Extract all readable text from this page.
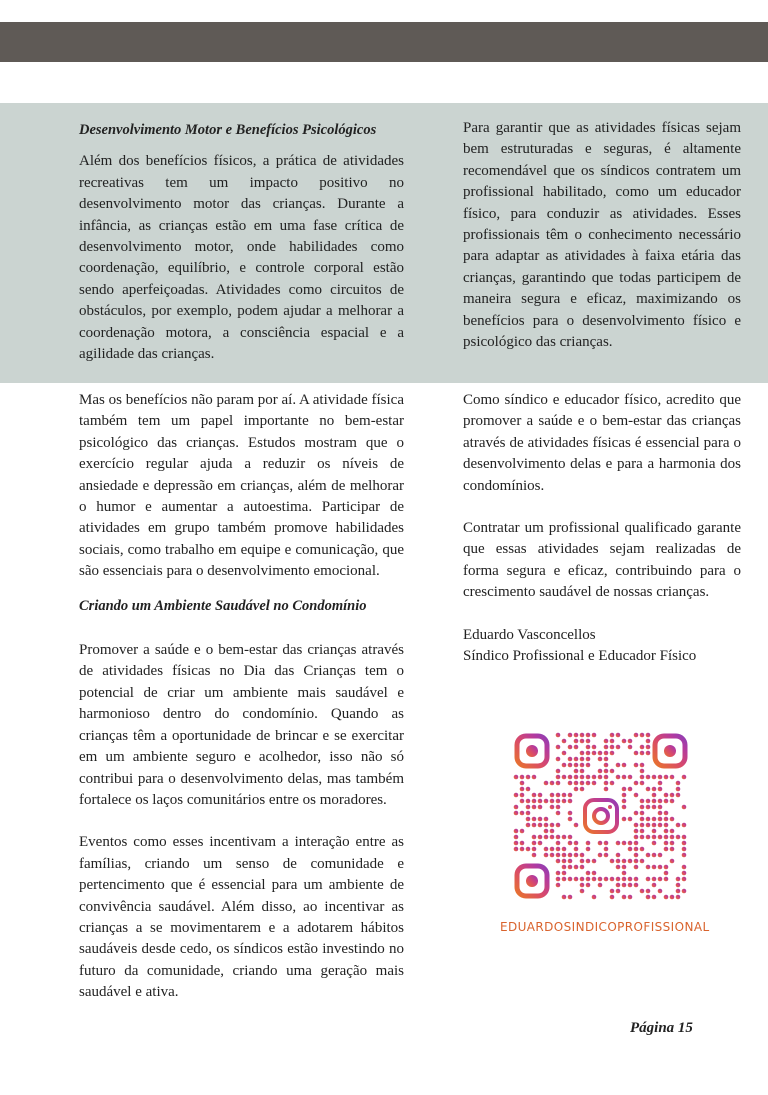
Desenvolvimento Motor e Benefícios Psicológicos

Além dos benefícios físicos, a prática de atividades recreativas tem um impacto positivo no desenvolvimento motor das crianças. Durante a infância, as crianças estão em uma fase crítica de desenvolvimento motor, onde habilidades como coordenação, equilíbrio, e controle corporal estão sendo aperfeiçoadas. Atividades como circuitos de obstáculos, por exemplo, podem ajudar a melhorar a coordenação motora, a consciência espacial e a agilidade das crianças.

Mas os benefícios não param por aí. A atividade física também tem um papel importante no bem-estar psicológico das crianças. Estudos mostram que o exercício regular ajuda a reduzir os níveis de ansiedade e depressão em crianças, além de melhorar o humor e aumentar a autoestima. Participar de atividades em grupo também promove habilidades sociais, como trabalho em equipe e comunicação, que são essenciais para o desenvolvimento emocional.

Criando um Ambiente Saudável no Condomínio

Promover a saúde e o bem-estar das crianças através de atividades físicas no Dia das Crianças tem o potencial de criar um ambiente mais saudável e harmonioso dentro do condomínio. Quando as crianças têm a oportunidade de brincar e se exercitar em um ambiente seguro e acolhedor, isso não só contribui para o desenvolvimento delas, mas também fortalece os laços comunitários entre os moradores.

Eventos como esses incentivam a interação entre as famílias, criando um senso de comunidade e pertencimento que é essencial para um ambiente de convivência saudável. Além disso, ao incentivar as crianças a se movimentarem e a adotarem hábitos saudáveis desde cedo, os síndicos estão investindo no futuro da comunidade, criando uma geração mais saudável e ativa.

Para garantir que as atividades físicas sejam bem estruturadas e seguras, é altamente recomendável que os síndicos contratem um profissional habilitado, como um educador físico, para conduzir as atividades. Esses profissionais têm o conhecimento necessário para adaptar as atividades à faixa etária das crianças, garantindo que todas participem de maneira segura e eficaz, maximizando os benefícios para o desenvolvimento físico e psicológico das crianças.

Como síndico e educador físico, acredito que promover a saúde e o bem-estar das crianças através de atividades físicas é essencial para o desenvolvimento delas e para a harmonia dos condomínios.

Contratar um profissional qualificado garante que essas atividades sejam realizadas de forma segura e eficaz, contribuindo para o crescimento saudável de nossas crianças.

Eduardo Vasconcellos

Síndico Profissional e Educador Físico

EDUARDOSINDICOPROFISSIONAL
Página 15
